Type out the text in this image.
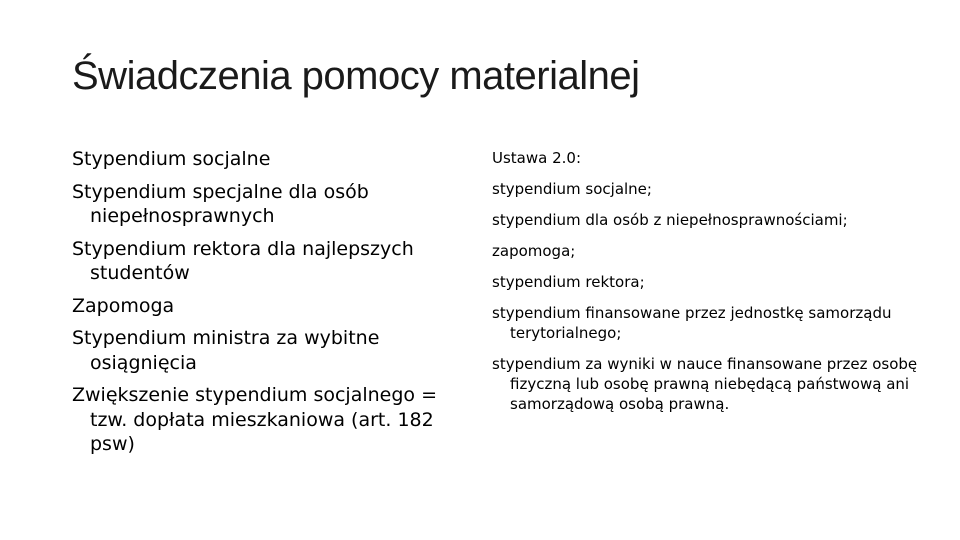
Świadczenia pomocy materialnej
Stypendium socjalne
Stypendium specjalne dla osób niepełnosprawnych
Stypendium rektora dla najlepszych studentów
Zapomoga
Stypendium ministra za wybitne osiągnięcia
Zwiększenie stypendium socjalnego = tzw. dopłata mieszkaniowa (art. 182 psw)
Ustawa 2.0:
stypendium socjalne;
stypendium dla osób z niepełnosprawnościami;
zapomoga;
stypendium rektora;
stypendium finansowane przez jednostkę samorządu terytorialnego;
stypendium za wyniki w nauce finansowane przez osobę fizyczną lub osobę prawną niebędącą państwową ani samorządową osobą prawną.
